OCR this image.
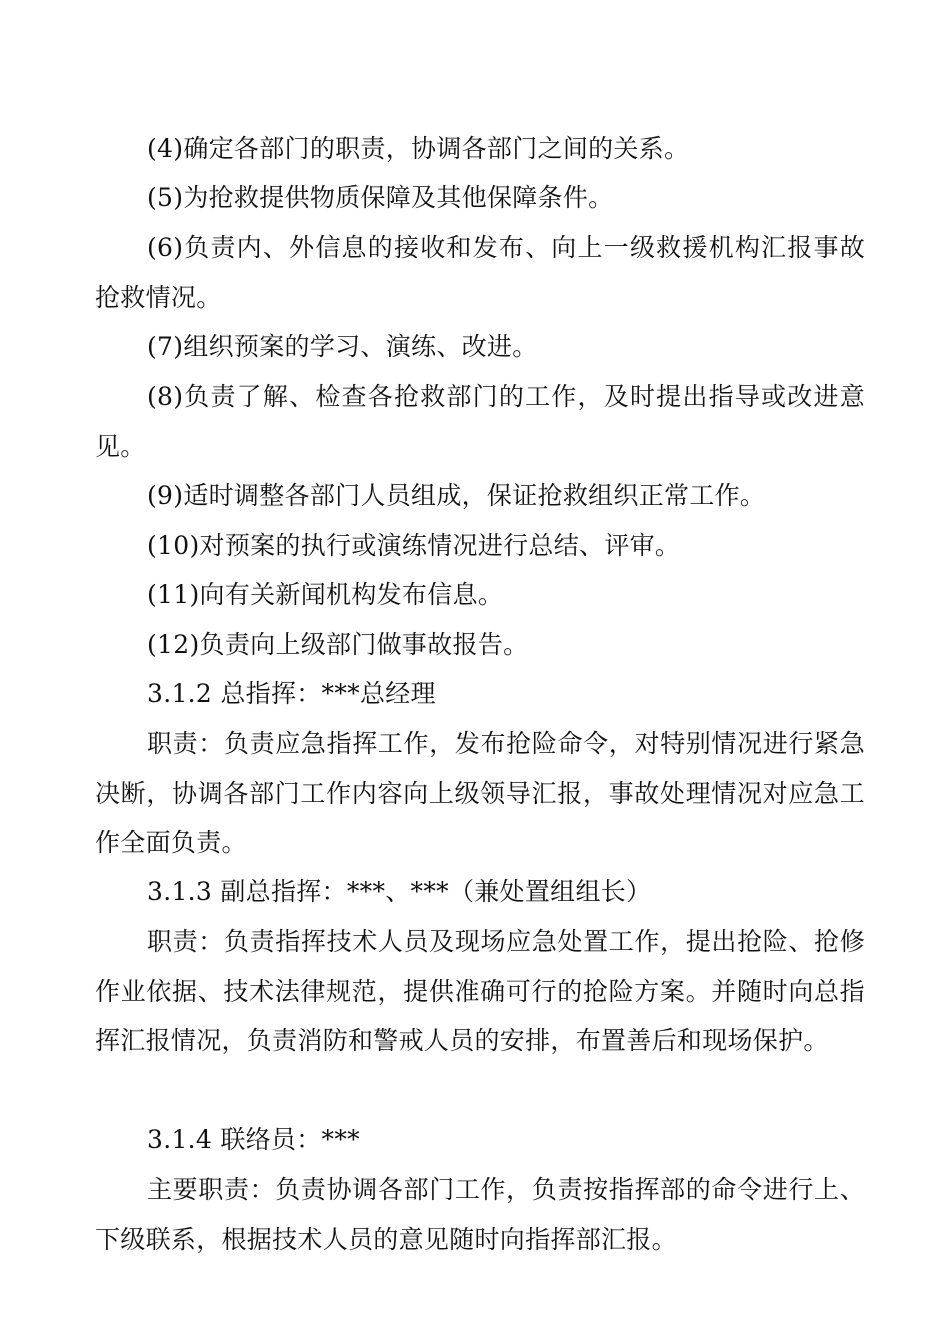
(4)确定各部门的职责，协调各部门之间的关系。

(5)为抢救提供物质保障及其他保障条件。

(6)负责内、外信息的接收和发布、向上一级救援机构汇报事故抢救情况。

(7)组织预案的学习、演练、改进。

(8)负责了解、检查各抢救部门的工作，及时提出指导或改进意见。

(9)适时调整各部门人员组成，保证抢救组织正常工作。

(10)对预案的执行或演练情况进行总结、评审。

(11)向有关新闻机构发布信息。

(12)负责向上级部门做事故报告。

3.1.2 总指挥：***总经理

职责：负责应急指挥工作，发布抢险命令，对特别情况进行紧急决断，协调各部门工作内容向上级领导汇报，事故处理情况对应急工作全面负责。

3.1.3 副总指挥：***、***（兼处置组组长）

职责：负责指挥技术人员及现场应急处置工作，提出抢险、抢修作业依据、技术法律规范，提供准确可行的抢险方案。并随时向总指挥汇报情况，负责消防和警戒人员的安排，布置善后和现场保护。

3.1.4 联络员：***

主要职责：负责协调各部门工作，负责按指挥部的命令进行上、下级联系，根据技术人员的意见随时向指挥部汇报。
